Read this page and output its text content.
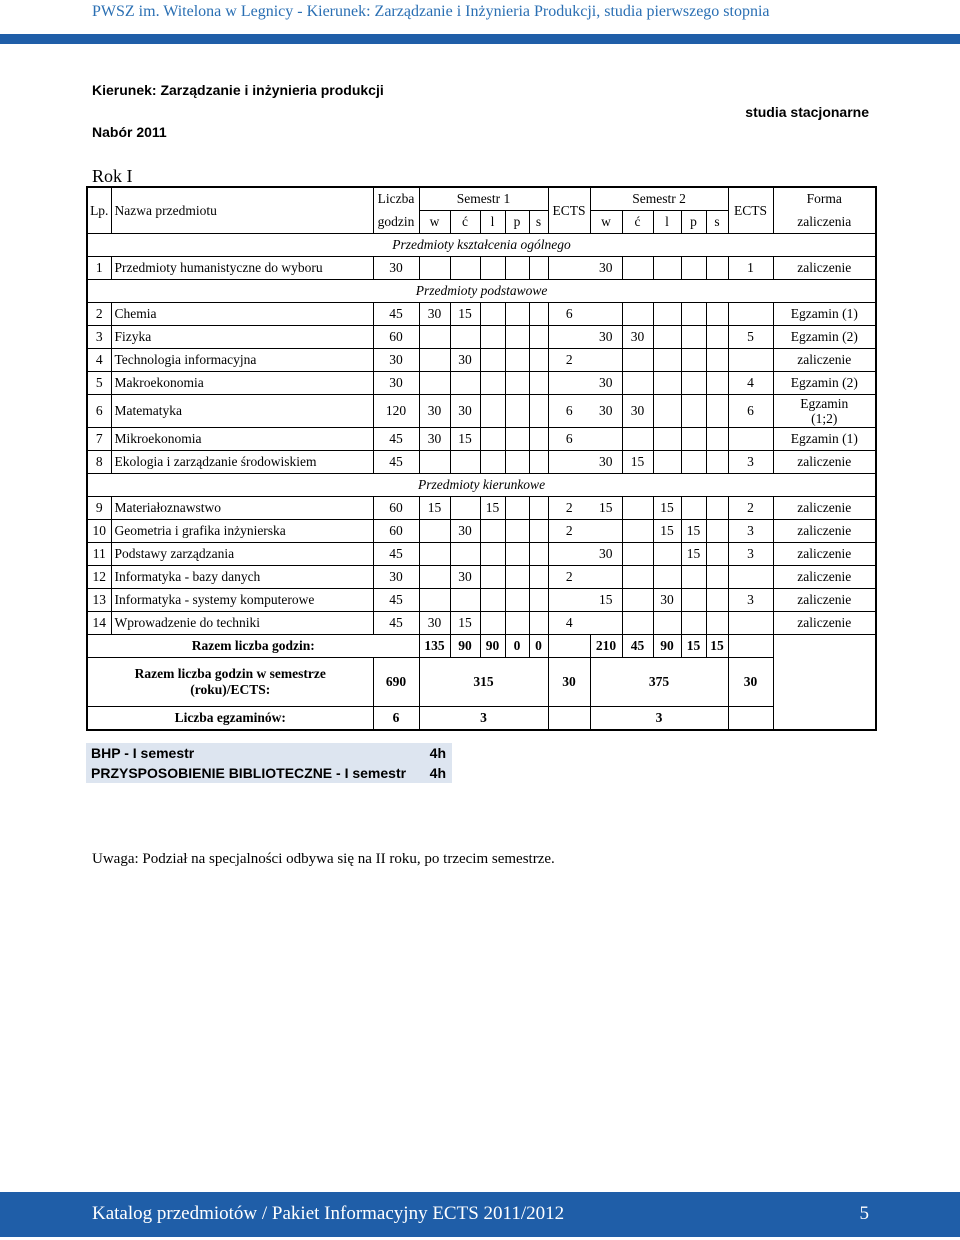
PWSZ im. Witelona w Legnicy - Kierunek: Zarządzanie i Inżynieria Produkcji, studia pierwszego stopnia
Kierunek: Zarządzanie i inżynieria produkcji
Nabór 2011
studia stacjonarne
Rok I
Lp.	Nazwa przedmiotu	Liczba	Semestr 1					ECTS	Semestr 2					ECTS	Forma
		godzin	w	ć	l	p	s		w	ć	l	p	s		zaliczenia
Przedmioty kształcenia ogólnego															
1	Przedmioty humanistyczne do wyboru	30							30					1	zaliczenie
Przedmioty podstawowe															
2	Chemia	45	30	15				6							Egzamin (1)
3	Fizyka	60							30	30				5	Egzamin (2)
4	Technologia informacyjna	30		30				2							zaliczenie
5	Makroekonomia	30							30					4	Egzamin (2)
6	Matematyka	120	30	30				6	30	30				6	Egzamin (1;2)
7	Mikroekonomia	45	30	15				6							Egzamin (1)
8	Ekologia i zarządzanie środowiskiem	45							30	15				3	zaliczenie
Przedmioty kierunkowe															
9	Materiałoznawstwo	60	15		15			2	15		15			2	zaliczenie
10	Geometria i grafika inżynierska	60		30				2			15	15		3	zaliczenie
11	Podstawy zarządzania	45							30			15		3	zaliczenie
12	Informatyka - bazy danych	30		30				2							zaliczenie
13	Informatyka - systemy komputerowe	45							15		30			3	zaliczenie
14	Wprowadzenie do techniki	45	30	15				4							zaliczenie
Razem liczba godzin:			135	90	90	0	0		210	45	90	15	15		

Razem liczba godzin w semestrze
(roku)/ECTS:		690	315					30	375					30	
Liczba egzaminów:		6	3						3						
BHP - I semestr	4h
PRZYSPOSOBIENIE BIBLIOTECZNE - I semestr 4h
Uwaga: Podział na specjalności odbywa się na II roku, po trzecim semestrze.
Katalog przedmiotów / Pakiet Informacyjny ECTS 2011/2012	5
